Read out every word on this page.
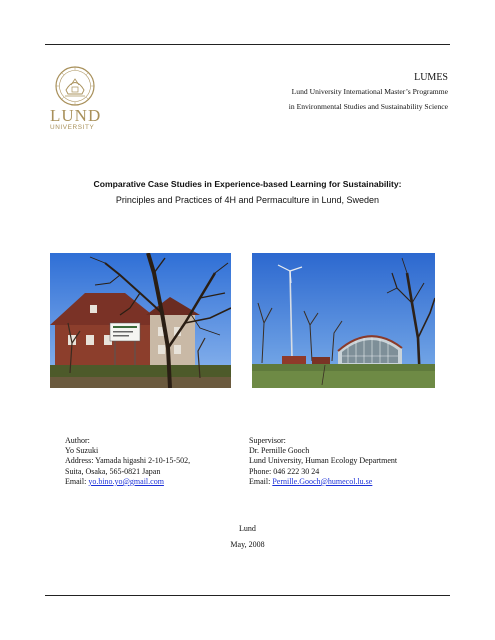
LUND
UNIVERSITY
LUMES
Lund University International Master’s Programme
in Environmental Studies and Sustainability Science
Comparative Case Studies in Experience-based Learning for Sustainability:
Principles and Practices of 4H and Permaculture in Lund, Sweden
Author:
Yo Suzuki
Address: Yamada higashi 2-10-15-502,
Suita, Osaka, 565-0821 Japan
Email: yo.bino.yo@gmail.com
Supervisor:
Dr. Pernille Gooch
Lund University, Human Ecology Department
Phone: 046 222 30 24
Email: Pernille.Gooch@humecol.lu.se
Lund
May, 2008
